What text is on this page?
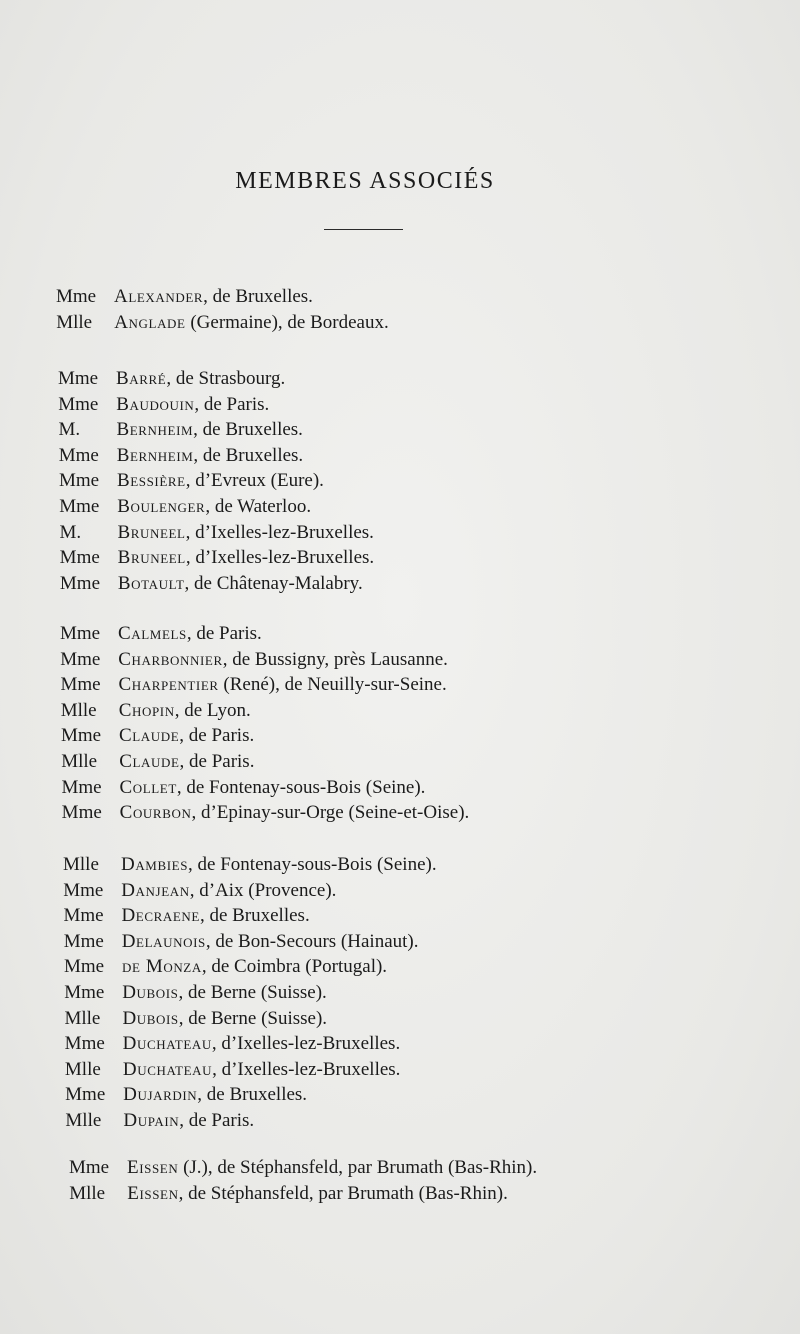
MEMBRES ASSOCIÉS
Mme Alexander, de Bruxelles.
Mlle Anglade (Germaine), de Bordeaux.
Mme Barré, de Strasbourg.
Mme Baudouin, de Paris.
M. Bernheim, de Bruxelles.
Mme Bernheim, de Bruxelles.
Mme Bessière, d’Evreux (Eure).
Mme Boulenger, de Waterloo.
M. Bruneel, d’Ixelles-lez-Bruxelles.
Mme Bruneel, d’Ixelles-lez-Bruxelles.
Mme Botault, de Châtenay-Malabry.
Mme Calmels, de Paris.
Mme Charbonnier, de Bussigny, près Lausanne.
Mme Charpentier (René), de Neuilly-sur-Seine.
Mlle Chopin, de Lyon.
Mme Claude, de Paris.
Mlle Claude, de Paris.
Mme Collet, de Fontenay-sous-Bois (Seine).
Mme Courbon, d’Epinay-sur-Orge (Seine-et-Oise).
Mlle Dambies, de Fontenay-sous-Bois (Seine).
Mme Danjean, d’Aix (Provence).
Mme Decraene, de Bruxelles.
Mme Delaunois, de Bon-Secours (Hainaut).
Mme de Monza, de Coimbra (Portugal).
Mme Dubois, de Berne (Suisse).
Mlle Dubois, de Berne (Suisse).
Mme Duchateau, d’Ixelles-lez-Bruxelles.
Mlle Duchateau, d’Ixelles-lez-Bruxelles.
Mme Dujardin, de Bruxelles.
Mlle Dupain, de Paris.
Mme Eissen (J.), de Stéphansfeld, par Brumath (Bas-Rhin).
Mlle Eissen, de Stéphansfeld, par Brumath (Bas-Rhin).
